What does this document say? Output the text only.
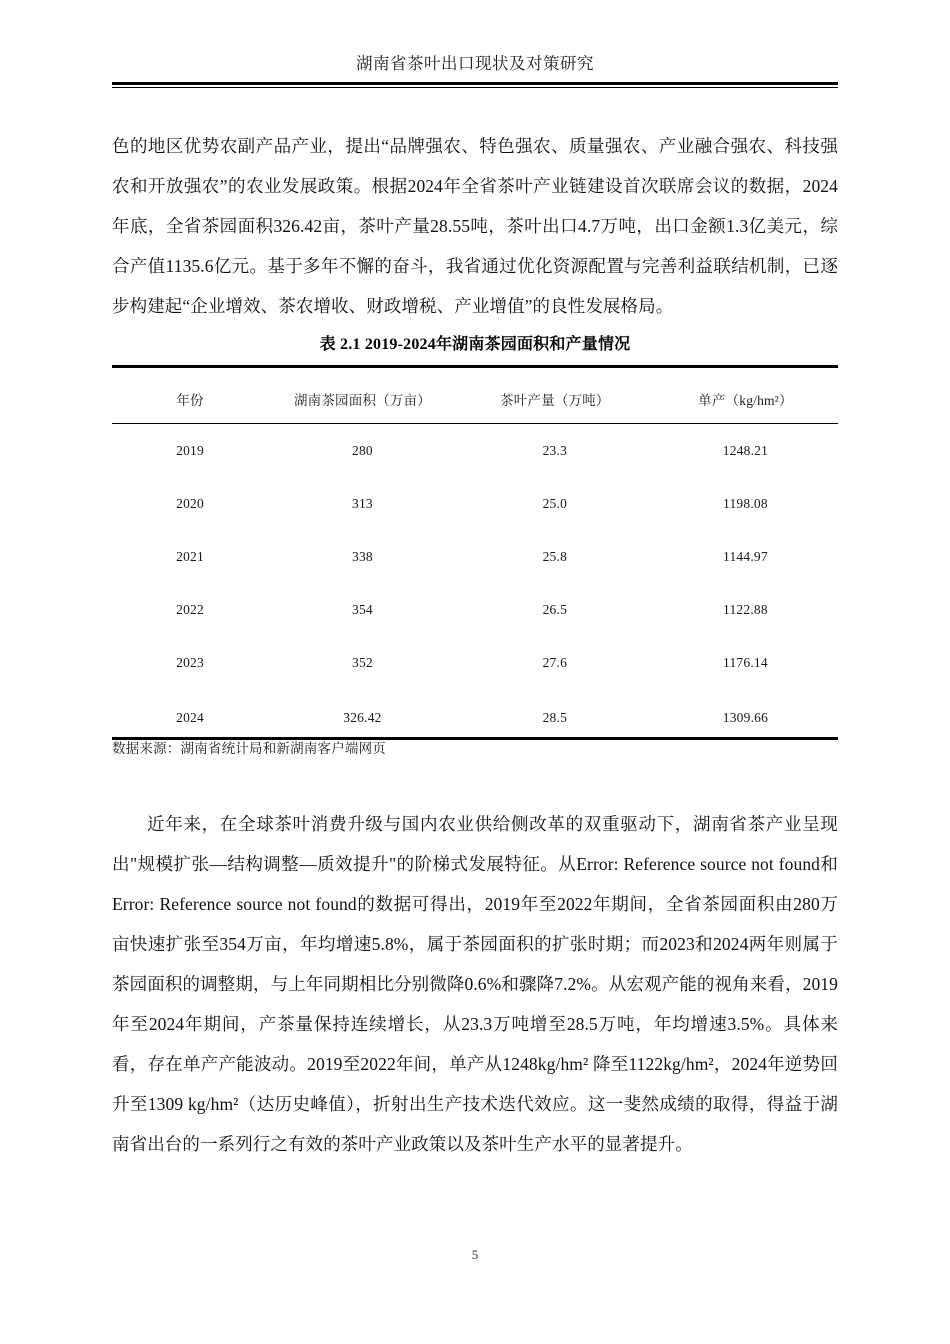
湖南省茶叶出口现状及对策研究

色的地区优势农副产品产业，提出“品牌强农、特色强农、质量强农、产业融合强农、科技强农和开放强农”的农业发展政策。根据2024年全省茶叶产业链建设首次联席会议的数据，2024年底，全省茶园面积326.42亩，茶叶产量28.55吨，茶叶出口4.7万吨，出口金额1.3亿美元，综合产值1135.6亿元。基于多年不懈的奋斗，我省通过优化资源配置与完善利益联结机制，已逐步构建起“企业增效、茶农增收、财政增税、产业增值”的良性发展格局。

表 2.1 2019-2024年湖南茶园面积和产量情况
年份	湖南茶园面积（万亩）	茶叶产量（万吨）	单产（kg/hm²）
2019	280	23.3	1248.21
2020	313	25.0	1198.08
2021	338	25.8	1144.97
2022	354	26.5	1122.88
2023	352	27.6	1176.14
2024	326.42	28.5	1309.66
数据来源：湖南省统计局和新湖南客户端网页

近年来，在全球茶叶消费升级与国内农业供给侧改革的双重驱动下，湖南省茶产业呈现出"规模扩张—结构调整—质效提升"的阶梯式发展特征。从Error: Reference source not found和Error: Reference source not found的数据可得出，2019年至2022年期间，全省茶园面积由280万亩快速扩张至354万亩，年均增速5.8%，属于茶园面积的扩张时期；而2023和2024两年则属于茶园面积的调整期，与上年同期相比分别微降0.6%和骤降7.2%。从宏观产能的视角来看，2019年至2024年期间，产茶量保持连续增长，从23.3万吨增至28.5万吨，年均增速3.5%。具体来看，存在单产产能波动。2019至2022年间，单产从1248kg/hm² 降至1122kg/hm²，2024年逆势回升至1309 kg/hm²（达历史峰值），折射出生产技术迭代效应。这一斐然成绩的取得，得益于湖南省出台的一系列行之有效的茶叶产业政策以及茶叶生产水平的显著提升。

5
